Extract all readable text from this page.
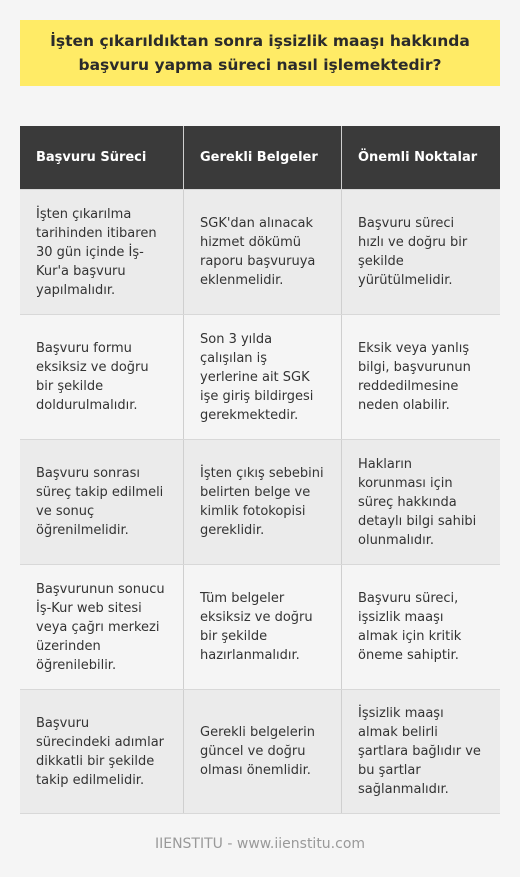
İşten çıkarıldıktan sonra işsizlik maaşı hakkında başvuru yapma süreci nasıl işlemektedir?
Başvuru Süreci	Gerekli Belgeler	Önemli Noktalar
İşten çıkarılma tarihinden itibaren 30 gün içinde İş-Kur'a başvuru yapılmalıdır.
SGK'dan alınacak hizmet dökümü raporu başvuruya eklenmelidir.
Başvuru süreci hızlı ve doğru bir şekilde yürütülmelidir.
Başvuru formu eksiksiz ve doğru bir şekilde doldurulmalıdır.
Son 3 yılda çalışılan iş yerlerine ait SGK işe giriş bildirgesi gerekmektedir.
Eksik veya yanlış bilgi, başvurunun reddedilmesine neden olabilir.
Başvuru sonrası süreç takip edilmeli ve sonuç öğrenilmelidir.
İşten çıkış sebebini belirten belge ve kimlik fotokopisi gereklidir.
Hakların korunması için süreç hakkında detaylı bilgi sahibi olunmalıdır.
Başvurunun sonucu İş-Kur web sitesi veya çağrı merkezi üzerinden öğrenilebilir.
Tüm belgeler eksiksiz ve doğru bir şekilde hazırlanmalıdır.
Başvuru süreci, işsizlik maaşı almak için kritik öneme sahiptir.
Başvuru sürecindeki adımlar dikkatli bir şekilde takip edilmelidir.
Gerekli belgelerin güncel ve doğru olması önemlidir.
İşsizlik maaşı almak belirli şartlara bağlıdır ve bu şartlar sağlanmalıdır.
IIENSTITU - www.iienstitu.com
